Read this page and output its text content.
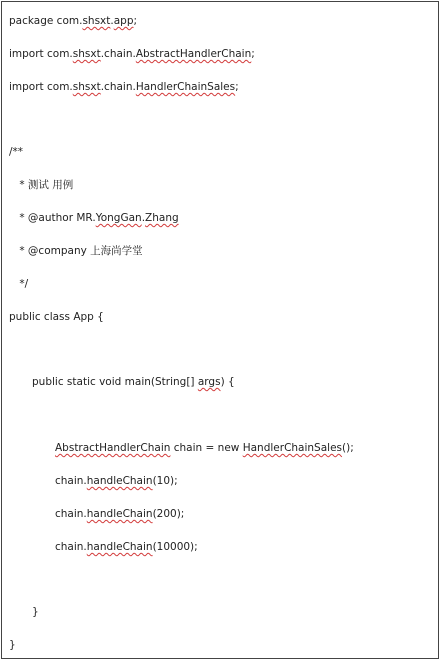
package com.shsxt.app;
import com.shsxt.chain.AbstractHandlerChain;
import com.shsxt.chain.HandlerChainSales;
/**
* 测试 用例
* @author MR.YongGan.Zhang
* @company 上海尚学堂
*/
public class App {
public static void main(String[] args) {
AbstractHandlerChain chain = new HandlerChainSales();
chain.handleChain(10);
chain.handleChain(200);
chain.handleChain(10000);
}
}
